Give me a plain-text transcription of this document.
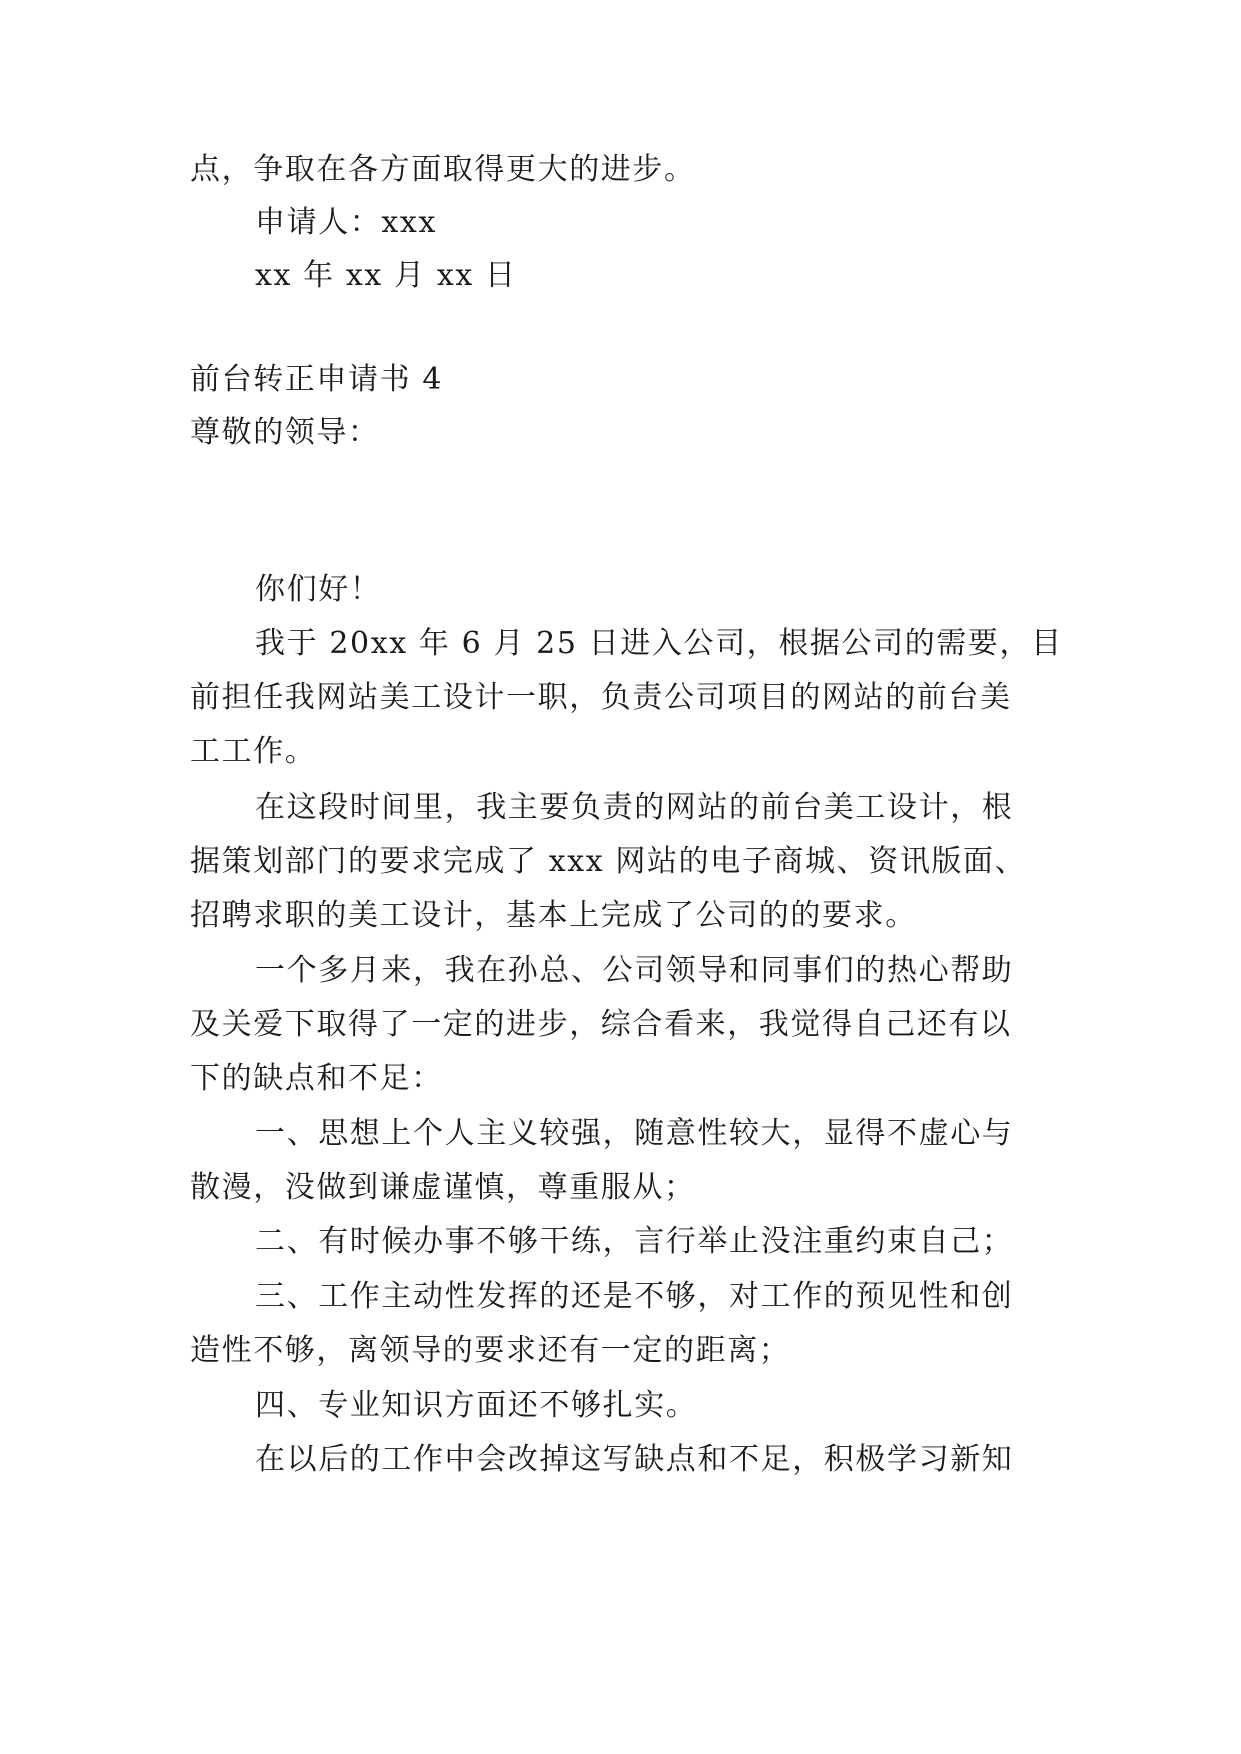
点，争取在各方面取得更大的进步。
申请人：xxx
xx 年 xx 月 xx 日
前台转正申请书 4
尊敬的领导：
你们好！
我于 20xx 年 6 月 25 日进入公司，根据公司的需要，目
前担任我网站美工设计一职，负责公司项目的网站的前台美
工工作。
在这段时间里，我主要负责的网站的前台美工设计，根
据策划部门的要求完成了 xxx 网站的电子商城、资讯版面、
招聘求职的美工设计，基本上完成了公司的的要求。
一个多月来，我在孙总、公司领导和同事们的热心帮助
及关爱下取得了一定的进步，综合看来，我觉得自己还有以
下的缺点和不足：
一、思想上个人主义较强，随意性较大，显得不虚心与
散漫，没做到谦虚谨慎，尊重服从；
二、有时候办事不够干练，言行举止没注重约束自己；
三、工作主动性发挥的还是不够，对工作的预见性和创
造性不够，离领导的要求还有一定的距离；
四、专业知识方面还不够扎实。
在以后的工作中会改掉这写缺点和不足，积极学习新知
